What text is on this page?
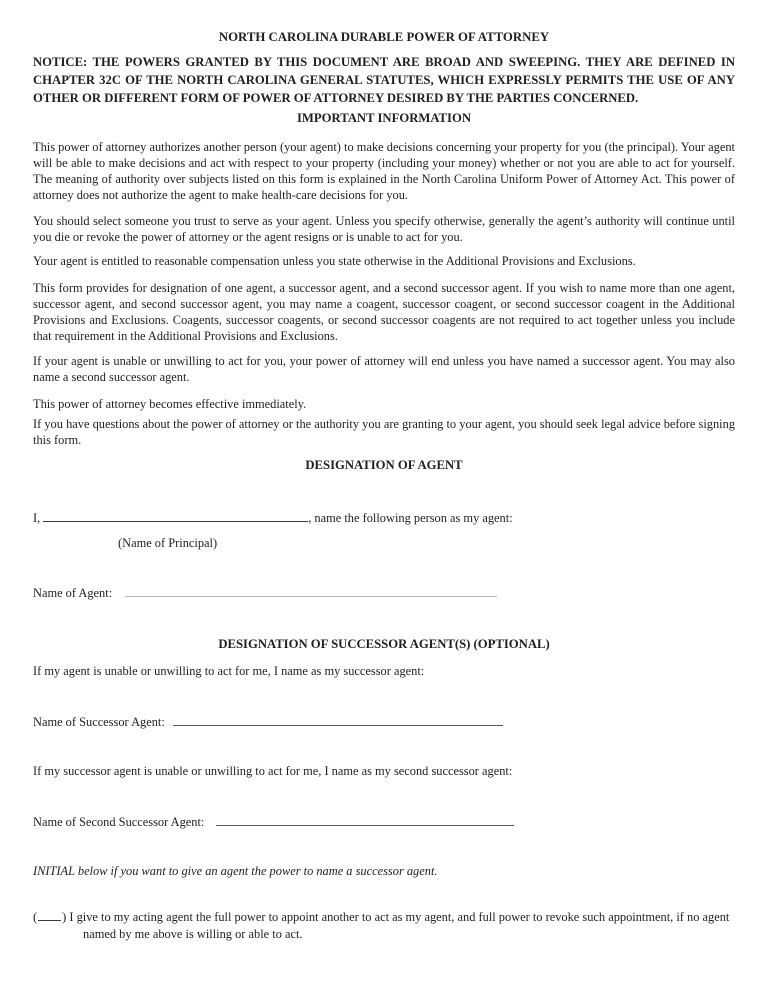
NORTH CAROLINA DURABLE POWER OF ATTORNEY

NOTICE: THE POWERS GRANTED BY THIS DOCUMENT ARE BROAD AND SWEEPING. THEY ARE DEFINED IN CHAPTER 32C OF THE NORTH CAROLINA GENERAL STATUTES, WHICH EXPRESSLY PERMITS THE USE OF ANY OTHER OR DIFFERENT FORM OF POWER OF ATTORNEY DESIRED BY THE PARTIES CONCERNED.

IMPORTANT INFORMATION

This power of attorney authorizes another person (your agent) to make decisions concerning your property for you (the principal). Your agent will be able to make decisions and act with respect to your property (including your money) whether or not you are able to act for yourself. The meaning of authority over subjects listed on this form is explained in the North Carolina Uniform Power of Attorney Act. This power of attorney does not authorize the agent to make health-care decisions for you.

You should select someone you trust to serve as your agent. Unless you specify otherwise, generally the agent’s authority will continue until you die or revoke the power of attorney or the agent resigns or is unable to act for you.

Your agent is entitled to reasonable compensation unless you state otherwise in the Additional Provisions and Exclusions.

This form provides for designation of one agent, a successor agent, and a second successor agent. If you wish to name more than one agent, successor agent, and second successor agent, you may name a coagent, successor coagent, or second successor coagent in the Additional Provisions and Exclusions. Coagents, successor coagents, or second successor coagents are not required to act together unless you include that requirement in the Additional Provisions and Exclusions.

If your agent is unable or unwilling to act for you, your power of attorney will end unless you have named a successor agent. You may also name a second successor agent.

This power of attorney becomes effective immediately.

If you have questions about the power of attorney or the authority you are granting to your agent, you should seek legal advice before signing this form.

DESIGNATION OF AGENT
I,	, name the following person as my agent:
(Name of Principal)
Name of Agent:
DESIGNATION OF SUCCESSOR AGENT(S) (OPTIONAL)
If my agent is unable or unwilling to act for me, I name as my successor agent:
Name of Successor Agent:
If my successor agent is unable or unwilling to act for me, I name as my second successor agent:
Name of Second Successor Agent:
INITIAL below if you want to give an agent the power to name a successor agent.

( ) I give to my acting agent the full power to appoint another to act as my agent, and full power to revoke such appointment, if no agent named by me above is willing or able to act.
